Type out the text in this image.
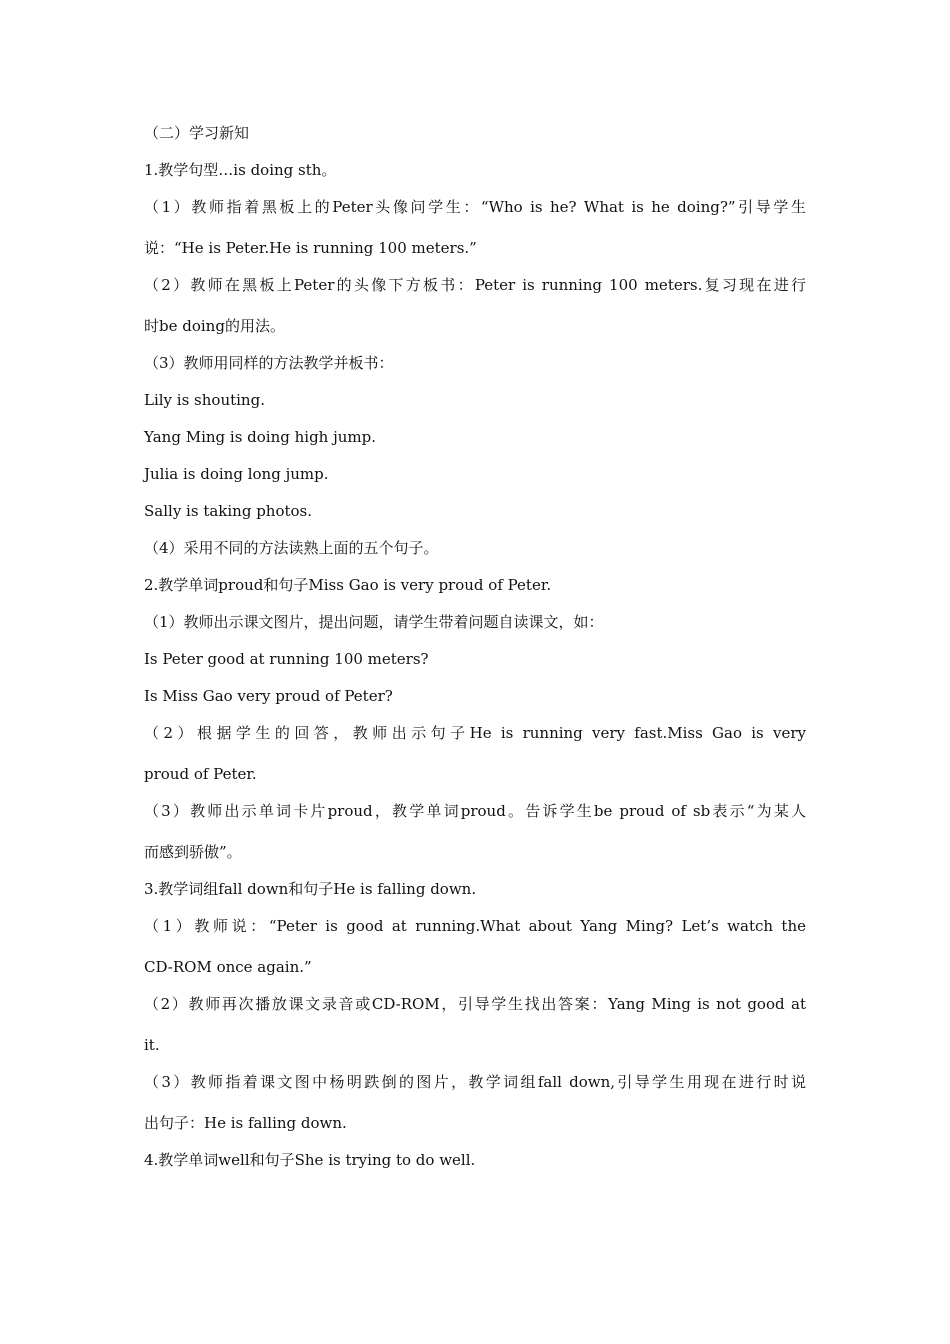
（二）学习新知
1.教学句型…is doing sth。
（1）教师指着黑板上的Peter头像问学生：“Who is he? What is he doing?”引导学生
说：“He is Peter.He is running 100 meters.”
（2）教师在黑板上Peter的头像下方板书：Peter is running 100 meters.复习现在进行
时be doing的用法。
（3）教师用同样的方法教学并板书：
Lily is shouting.
Yang Ming is doing high jump.
Julia is doing long jump.
Sally is taking photos.
（4）采用不同的方法读熟上面的五个句子。
2.教学单词proud和句子Miss Gao is very proud of Peter.
（1）教师出示课文图片，提出问题，请学生带着问题自读课文，如：
Is Peter good at running 100 meters?
Is Miss Gao very proud of Peter?
（2）根据学生的回答，教师出示句子He is running very fast.Miss Gao is very
proud of Peter.
（3）教师出示单词卡片proud，教学单词proud。告诉学生be proud of sb表示“为某人
而感到骄傲”。
3.教学词组fall down和句子He is falling down.
（1）教师说：“Peter is good at running.What about Yang Ming? Let’s watch the
CD-ROM once again.”
（2）教师再次播放课文录音或CD-ROM，引导学生找出答案：Yang Ming is not good at
it.
（3）教师指着课文图中杨明跌倒的图片，教学词组fall down,引导学生用现在进行时说
出句子：He is falling down.
4.教学单词well和句子She is trying to do well.
